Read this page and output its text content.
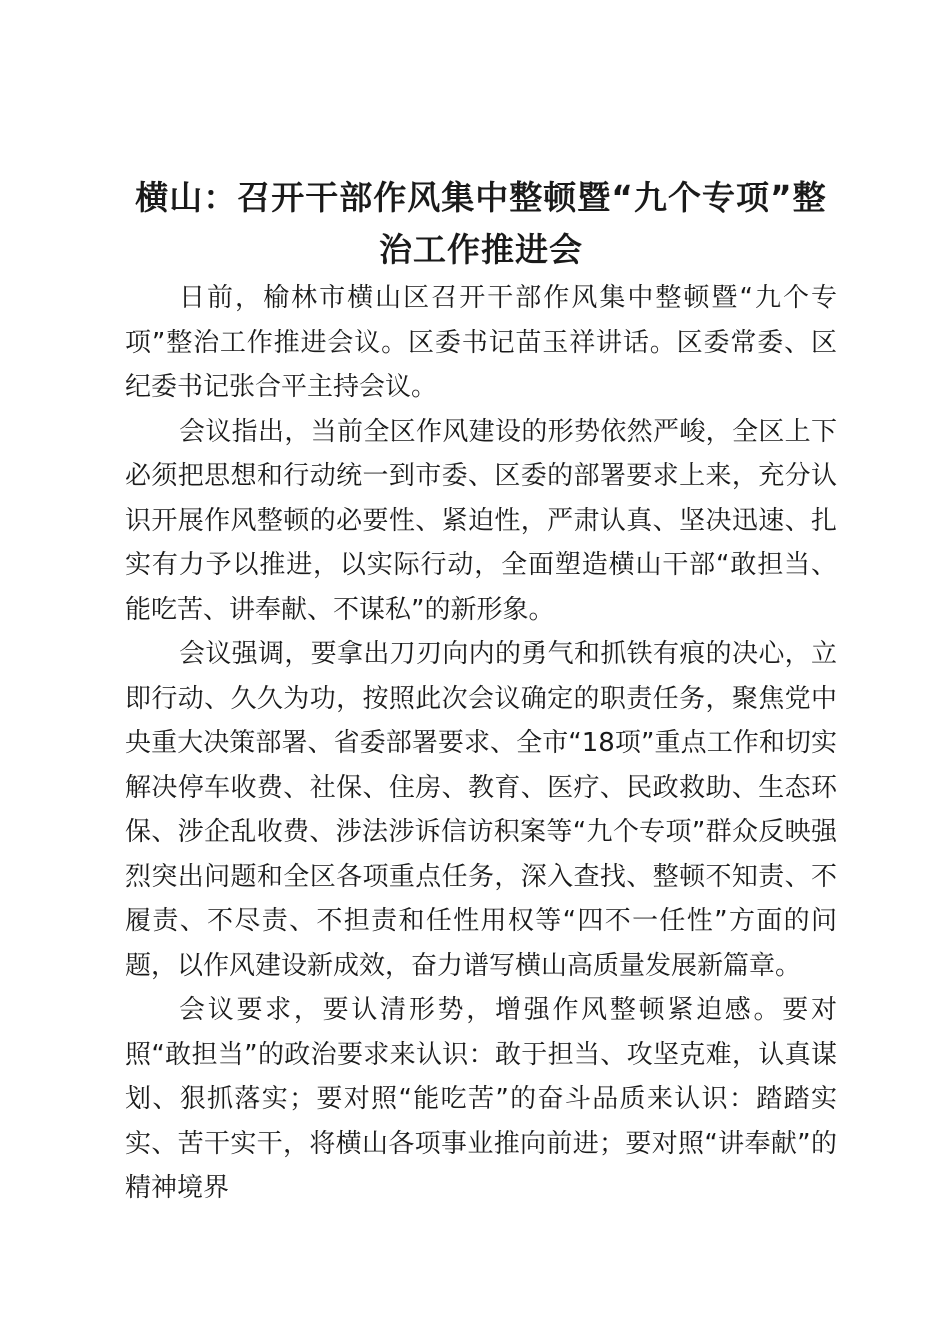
横山：召开干部作风集中整顿暨“九个专项”整治工作推进会

日前，榆林市横山区召开干部作风集中整顿暨“九个专项”整治工作推进会议。区委书记苗玉祥讲话。区委常委、区纪委书记张合平主持会议。

会议指出，当前全区作风建设的形势依然严峻，全区上下必须把思想和行动统一到市委、区委的部署要求上来，充分认识开展作风整顿的必要性、紧迫性，严肃认真、坚决迅速、扎实有力予以推进，以实际行动，全面塑造横山干部“敢担当、能吃苦、讲奉献、不谋私”的新形象。

会议强调，要拿出刀刃向内的勇气和抓铁有痕的决心，立即行动、久久为功，按照此次会议确定的职责任务，聚焦党中央重大决策部署、省委部署要求、全市“18项”重点工作和切实解决停车收费、社保、住房、教育、医疗、民政救助、生态环保、涉企乱收费、涉法涉诉信访积案等“九个专项”群众反映强烈突出问题和全区各项重点任务，深入查找、整顿不知责、不履责、不尽责、不担责和任性用权等“四不一任性”方面的问题，以作风建设新成效，奋力谱写横山高质量发展新篇章。

会议要求，要认清形势，增强作风整顿紧迫感。要对照“敢担当”的政治要求来认识：敢于担当、攻坚克难，认真谋划、狠抓落实；要对照“能吃苦”的奋斗品质来认识：踏踏实实、苦干实干，将横山各项事业推向前进；要对照“讲奉献”的精神境界
